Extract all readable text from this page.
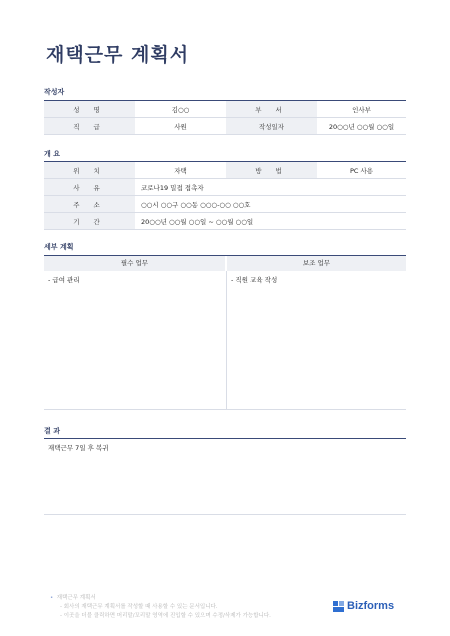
재택근무 계획서
작성자
성 명	김○○	부 서	인사부
직 급	사원	작성일자	20○○년 ○○월 ○○일
개 요
위 치	자택	방 법	PC 사용
사 유	코로나19 밀접 접촉자		
주 소	○○시 ○○구 ○○동 ○○○-○○ ○○호		
기 간	20○○년 ○○월 ○○일 ~ ○○월 ○○일		
세부 계획
필수 업무	보조 업무
- 급여 관리	- 직원 교육 작성
결 과
재택근무 7일 후 복귀
• 재택근무 계획서
- 회사의 재택근무 계획서를 작성할 때 사용할 수 있는 문서입니다.
- 이곳을 더블 클릭하면 머리말/꼬리말 영역에 진입할 수 있으며 수정/삭제가 가능합니다.
Bizforms
